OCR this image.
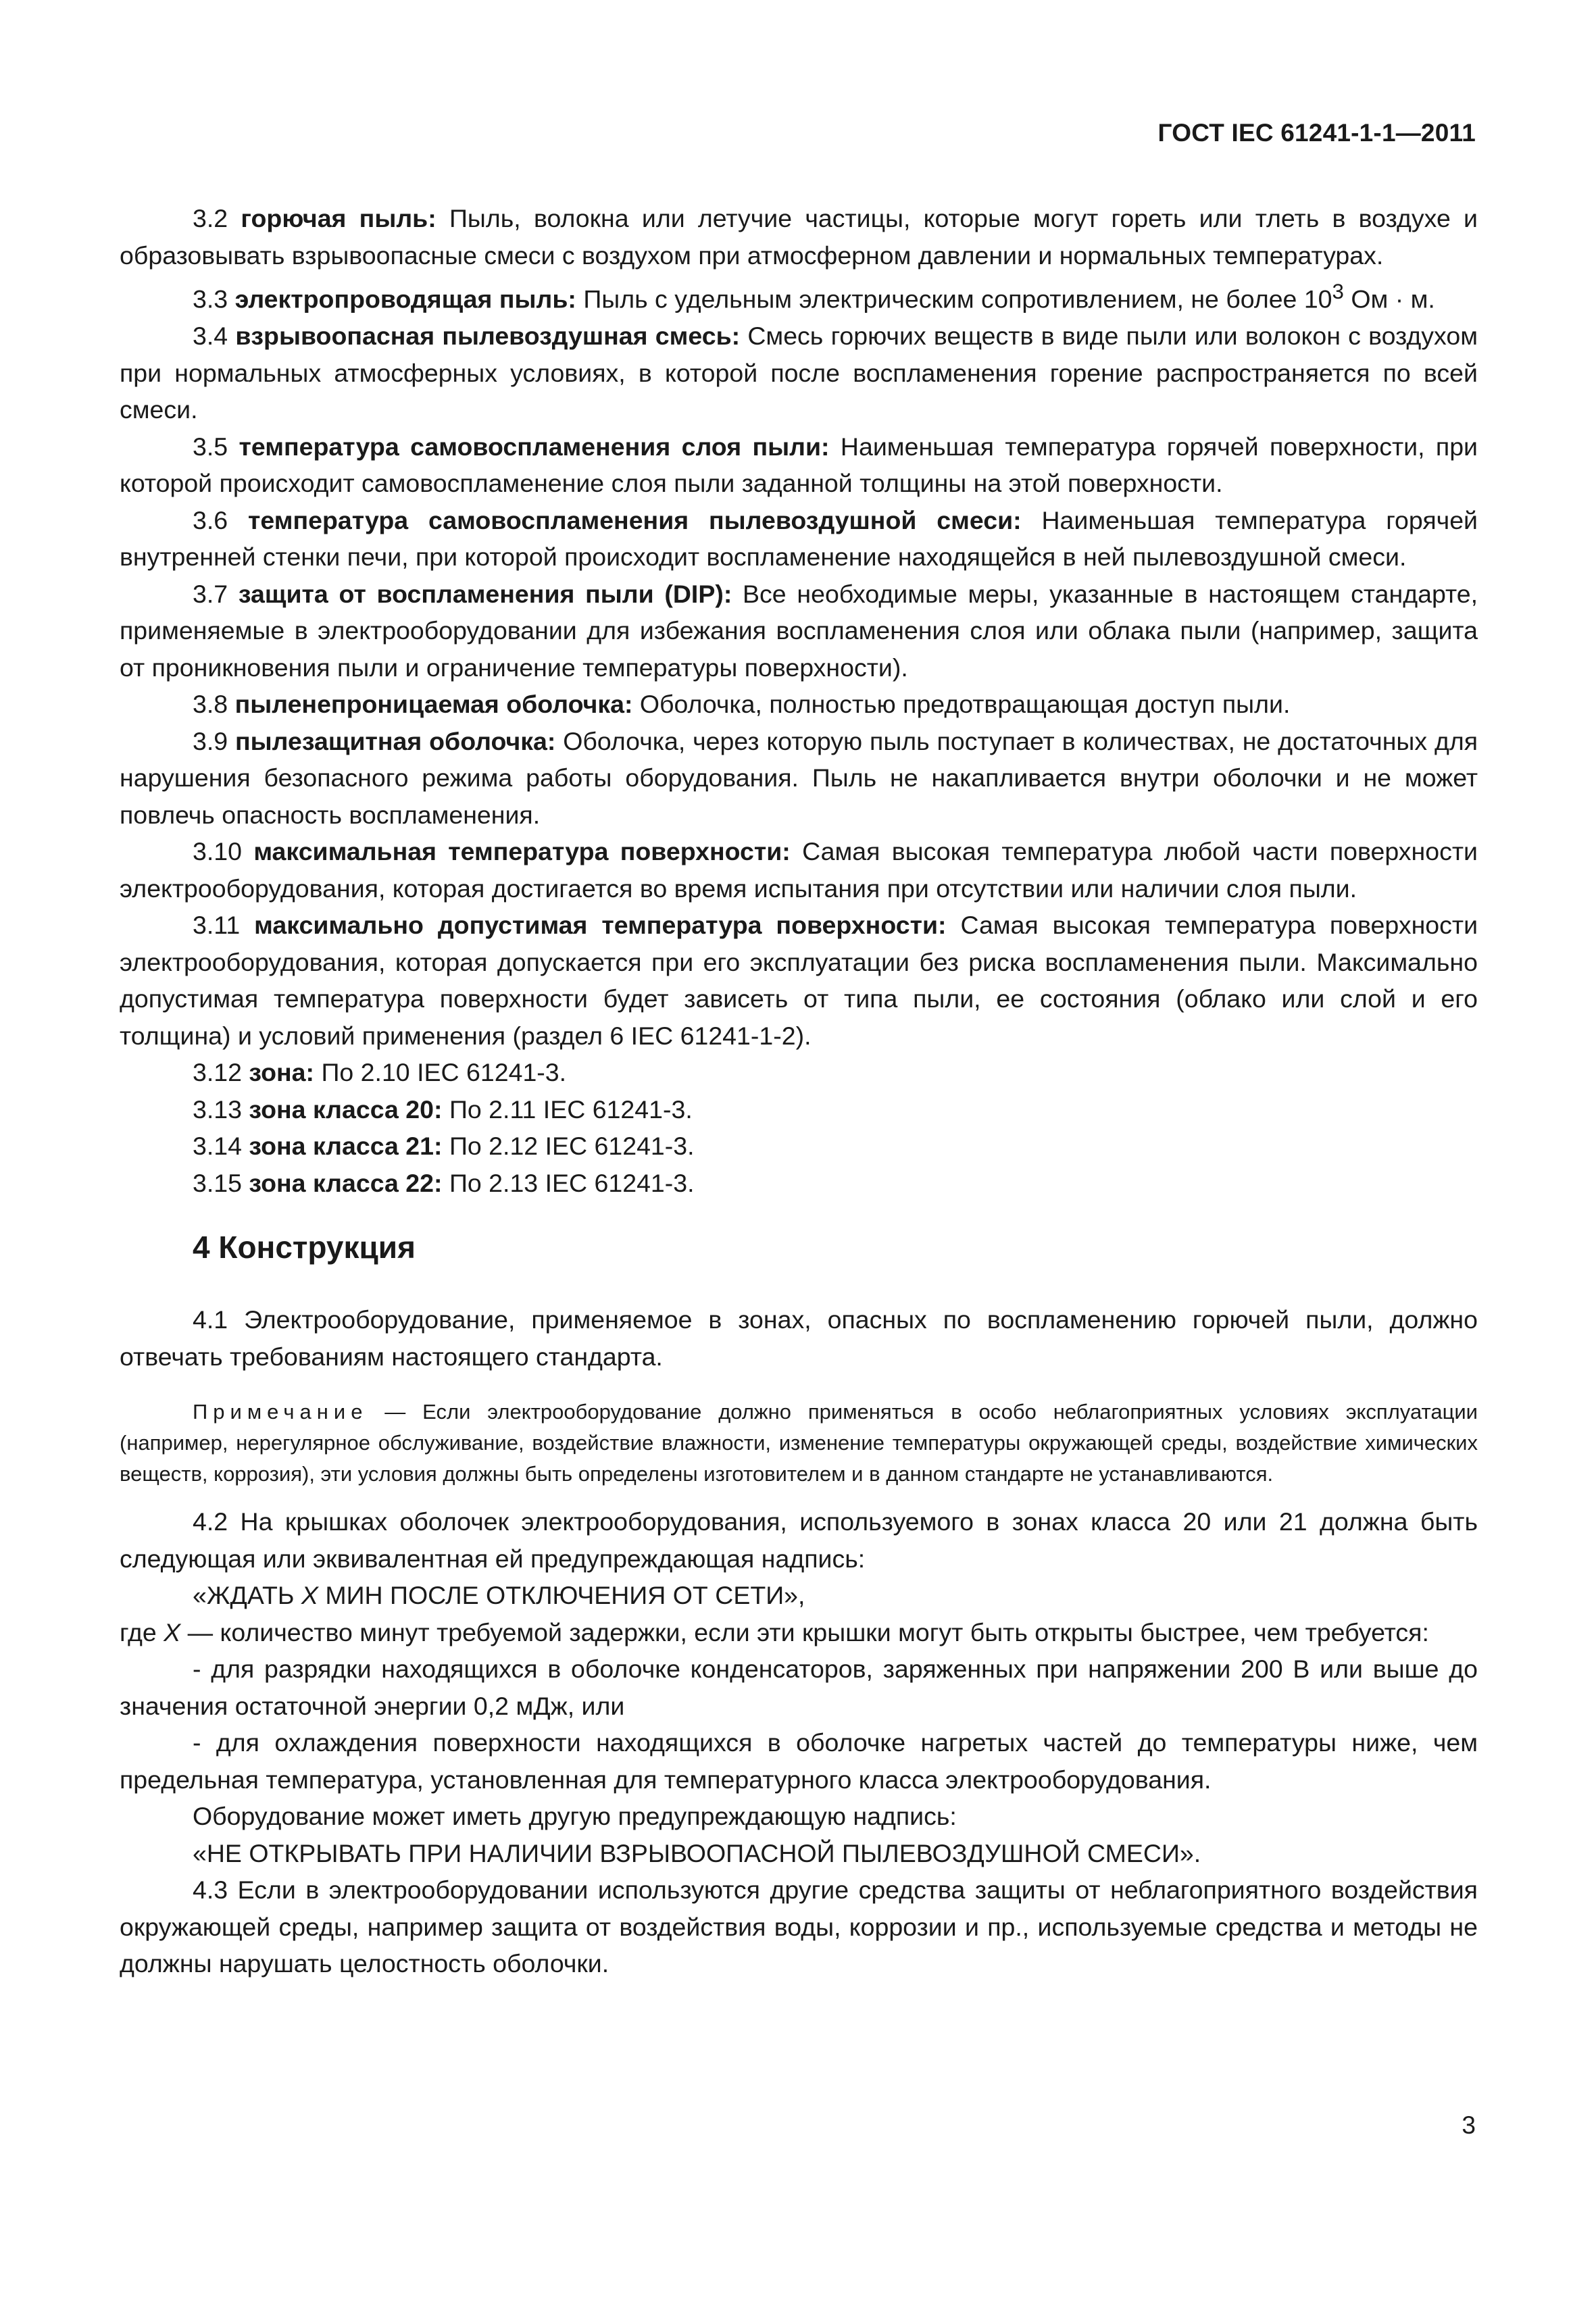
ГОСТ IEC 61241-1-1—2011

3.2 горючая пыль: Пыль, волокна или летучие частицы, которые могут гореть или тлеть в воздухе и образовывать взрывоопасные смеси с воздухом при атмосферном давлении и нормальных температурах.

3.3 электропроводящая пыль: Пыль с удельным электрическим сопротивлением, не более $10^3$ Ом · м.

3.4 взрывоопасная пылевоздушная смесь: Смесь горючих веществ в виде пыли или волокон с воздухом при нормальных атмосферных условиях, в которой после воспламенения горение распространяется по всей смеси.

3.5 температура самовоспламенения слоя пыли: Наименьшая температура горячей поверхности, при которой происходит самовоспламенение слоя пыли заданной толщины на этой поверхности.

3.6 температура самовоспламенения пылевоздушной смеси: Наименьшая температура горячей внутренней стенки печи, при которой происходит воспламенение находящейся в ней пылевоздушной смеси.

3.7 защита от воспламенения пыли (DIP): Все необходимые меры, указанные в настоящем стандарте, применяемые в электрооборудовании для избежания воспламенения слоя или облака пыли (например, защита от проникновения пыли и ограничение температуры поверхности).

3.8 пыленепроницаемая оболочка: Оболочка, полностью предотвращающая доступ пыли.

3.9 пылезащитная оболочка: Оболочка, через которую пыль поступает в количествах, не достаточных для нарушения безопасного режима работы оборудования. Пыль не накапливается внутри оболочки и не может повлечь опасность воспламенения.

3.10 максимальная температура поверхности: Самая высокая температура любой части поверхности электрооборудования, которая достигается во время испытания при отсутствии или наличии слоя пыли.

3.11 максимально допустимая температура поверхности: Самая высокая температура поверхности электрооборудования, которая допускается при его эксплуатации без риска воспламенения пыли. Максимально допустимая температура поверхности будет зависеть от типа пыли, ее состояния (облако или слой и его толщина) и условий применения (раздел 6 IEC 61241-1-2).

3.12 зона: По 2.10 IEC 61241-3.

3.13 зона класса 20: По 2.11 IEC 61241-3.

3.14 зона класса 21: По 2.12 IEC 61241-3.

3.15 зона класса 22: По 2.13 IEC 61241-3.

4 Конструкция

4.1 Электрооборудование, применяемое в зонах, опасных по воспламенению горючей пыли, должно отвечать требованиям настоящего стандарта.

Примечание — Если электрооборудование должно применяться в особо неблагоприятных условиях эксплуатации (например, нерегулярное обслуживание, воздействие влажности, изменение температуры окружающей среды, воздействие химических веществ, коррозия), эти условия должны быть определены изготовителем и в данном стандарте не устанавливаются.

4.2 На крышках оболочек электрооборудования, используемого в зонах класса 20 или 21 должна быть следующая или эквивалентная ей предупреждающая надпись:

«ЖДАТЬ X МИН ПОСЛЕ ОТКЛЮЧЕНИЯ ОТ СЕТИ»,

где X — количество минут требуемой задержки, если эти крышки могут быть открыты быстрее, чем требуется:

- для разрядки находящихся в оболочке конденсаторов, заряженных при напряжении 200 В или выше до значения остаточной энергии 0,2 мДж, или

- для охлаждения поверхности находящихся в оболочке нагретых частей до температуры ниже, чем предельная температура, установленная для температурного класса электрооборудования.

Оборудование может иметь другую предупреждающую надпись:

«НЕ ОТКРЫВАТЬ ПРИ НАЛИЧИИ ВЗРЫВООПАСНОЙ ПЫЛЕВОЗДУШНОЙ СМЕСИ».

4.3 Если в электрооборудовании используются другие средства защиты от неблагоприятного воздействия окружающей среды, например защита от воздействия воды, коррозии и пр., используемые средства и методы не должны нарушать целостность оболочки.

3
